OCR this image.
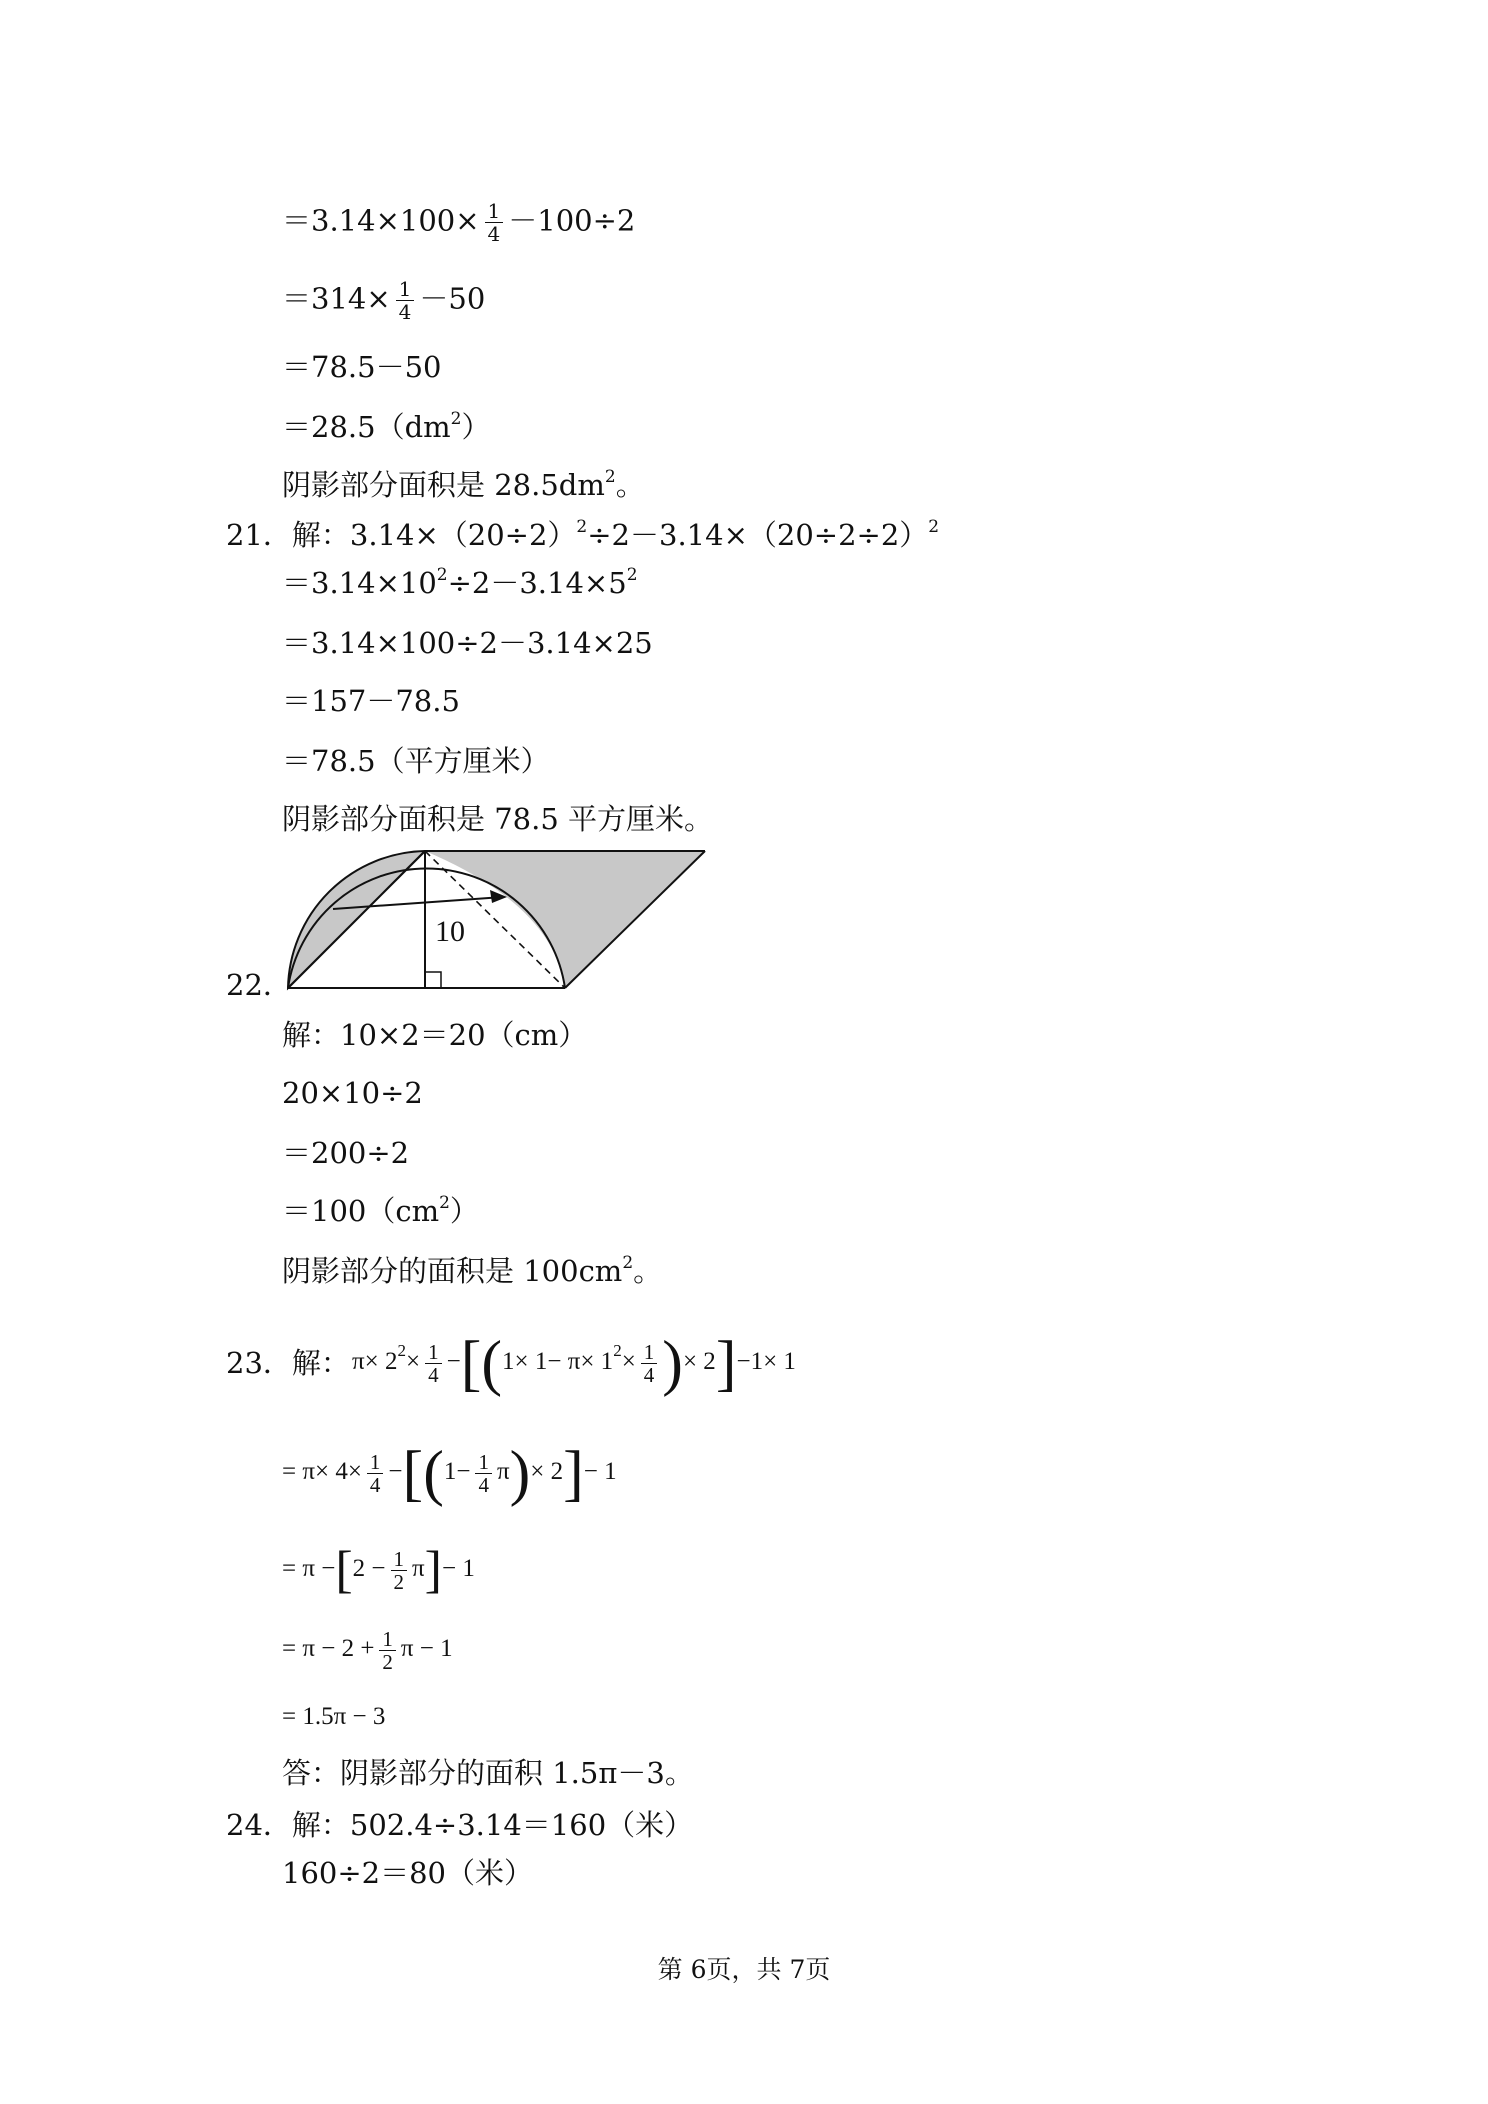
$=3.14\times 100\times \frac{1}{4} -100\div 2$
$=314\times \frac{1}{4} -50$
＝78.5－50
$=28.5(dm^2)$
阴影部分面积是 $28.5dm^2$。
21．解：$3.14\times(20\div 2)^2\div 2-3.14\times(20\div 2\div 2)^2$
$=3.14\times 10^2\div 2-3.14\times 5^2$
＝3.14×100÷2－3.14×25
＝157－78.5
＝78.5（平方厘米）
阴影部分面积是 78.5 平方厘米。
10
22．
解：10×2＝20（cm）
20×10÷2
＝200÷2
$=100(cm^2)$
阴影部分的面积是 $100cm^2$。
23．解： $\pi\times 2^2\times \frac{1}{4} -[(1\times 1- \pi\times 1^2\times \frac{1}{4}$ )× 2]−1× 1
= $\pi\times 4\times \frac{1}{4} -[(1- \frac{1}{4} \pi)\times 2]- 1$
= $\pi -[2 - \frac{1}{2} \pi]- 1$
= $\pi - 2 + \frac{1}{2}$ π − 1
= 1.5π − 3
答：阴影部分的面积 1.5π－3。
24．解：502.4÷3.14＝160（米）
160÷2＝80（米）
第 6页，共 7页
